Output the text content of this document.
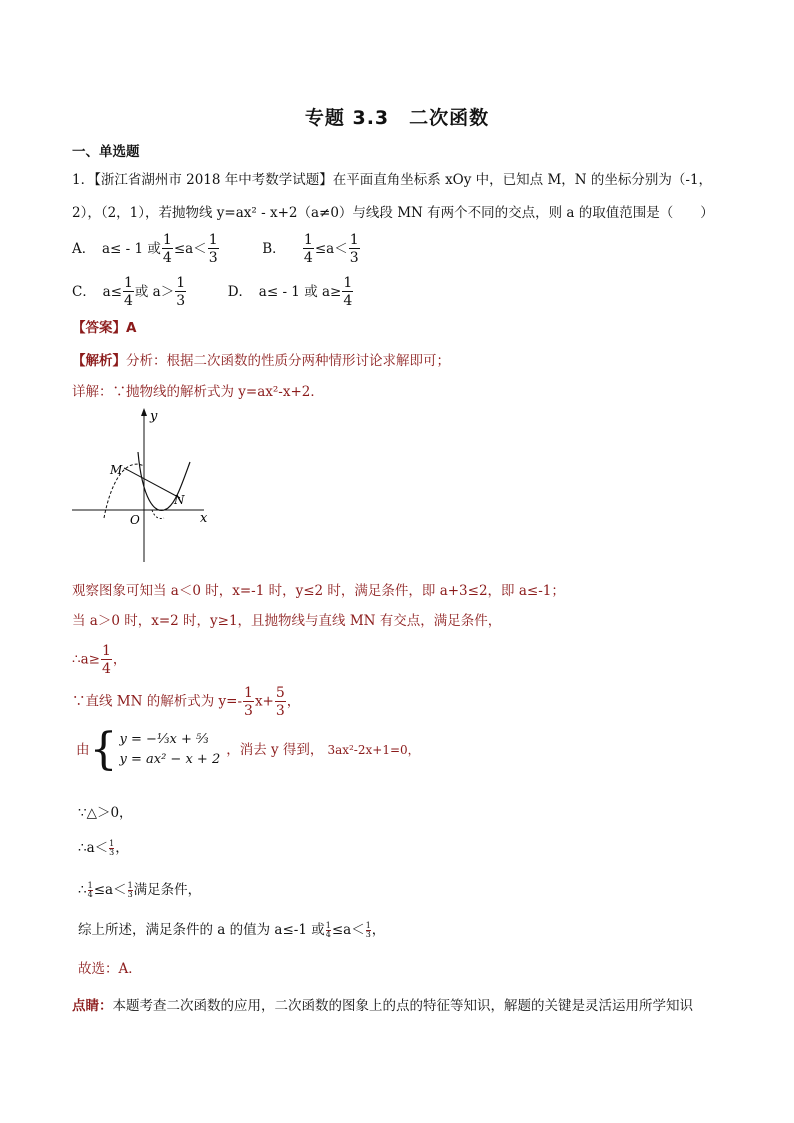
专题 3.3　二次函数
一、单选题
1．【浙江省湖州市 2018 年中考数学试题】在平面直角坐标系 xOy 中，已知点 M，N 的坐标分别为（-1，
2），（2，1），若抛物线 y=ax² - x+2（a≠0）与线段 MN 有两个不同的交点，则 a 的取值范围是（　　）
A．　a≤ - 1 或 $\frac{1}{4} \le a< \frac{1}{3}$	B． $\frac{1}{4} \le a< \frac{1}{3}$
C．　$a\le \frac{1}{4}$ 或 $a> \frac{1}{3}$	D．　a≤ - 1 或 $a\ge \frac{1}{4}$
【答案】A
【解析】分析：根据二次函数的性质分两种情形讨论求解即可；
详解：∵抛物线的解析式为 y=ax²-x+2．
y
x
O
M
N
观察图象可知当 a＜0 时，x=-1 时，y≤2 时，满足条件，即 a+3≤2，即 a≤-1；
当 a＞0 时，x=2 时，y≥1，且抛物线与直线 MN 有交点，满足条件，
∴a≥ $\frac{1}{4}$ ，
∵直线 MN 的解析式为 $y=- \frac{1}{3} x+ \frac{5}{3}$ ，
由 { y = −⅓x + ⁵⁄₃
y = ax² − x + 2
，消去 y 得到， 3ax²-2x+1=0，
∵△＞0，
∴a＜ $\frac{1}{3}$ ，
∴ $\frac{1}{4} \le a< \frac{1}{3}$ 满足条件，
综上所述，满足条件的 a 的值为 a≤-1 或 $\frac{1}{4} \le a< \frac{1}{3}$ ，
故选：A．
点睛：本题考查二次函数的应用，二次函数的图象上的点的特征等知识，解题的关键是灵活运用所学知识
